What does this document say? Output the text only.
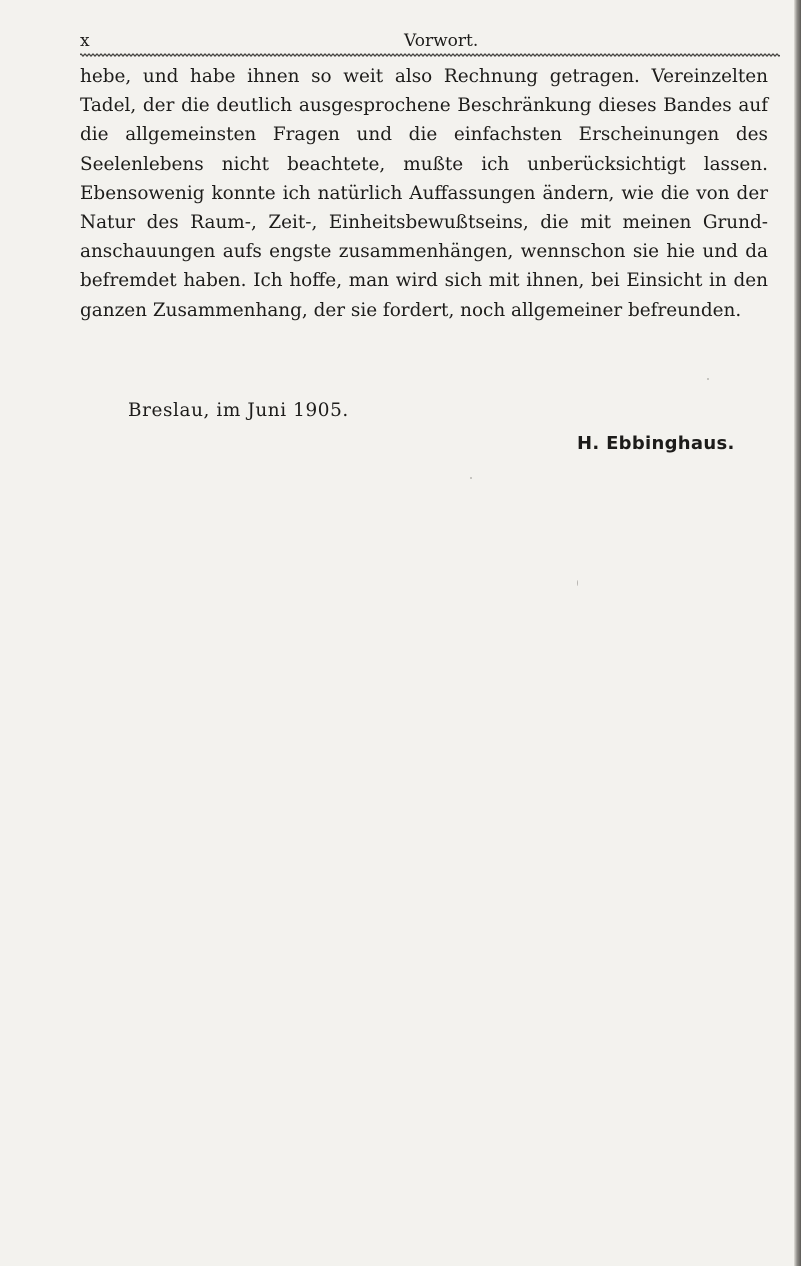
x	Vorwort.

hebe, und habe ihnen so weit also Rechnung getragen. Vereinzelten Tadel, der die deutlich ausgesprochene Beschränkung dieses Bandes auf die allgemeinsten Fragen und die einfachsten Erscheinungen des Seelenlebens nicht beachtete, mußte ich unberücksichtigt lassen. Ebensowenig konnte ich natürlich Auffassungen ändern, wie die von der Natur des Raum-, Zeit-, Einheitsbewußtseins, die mit meinen Grundanschauungen aufs engste zusammenhängen, wennschon sie hie und da befremdet haben. Ich hoffe, man wird sich mit ihnen, bei Einsicht in den ganzen Zusammenhang, der sie fordert, noch allgemeiner befreunden.

Breslau, im Juni 1905.

H. Ebbinghaus.
